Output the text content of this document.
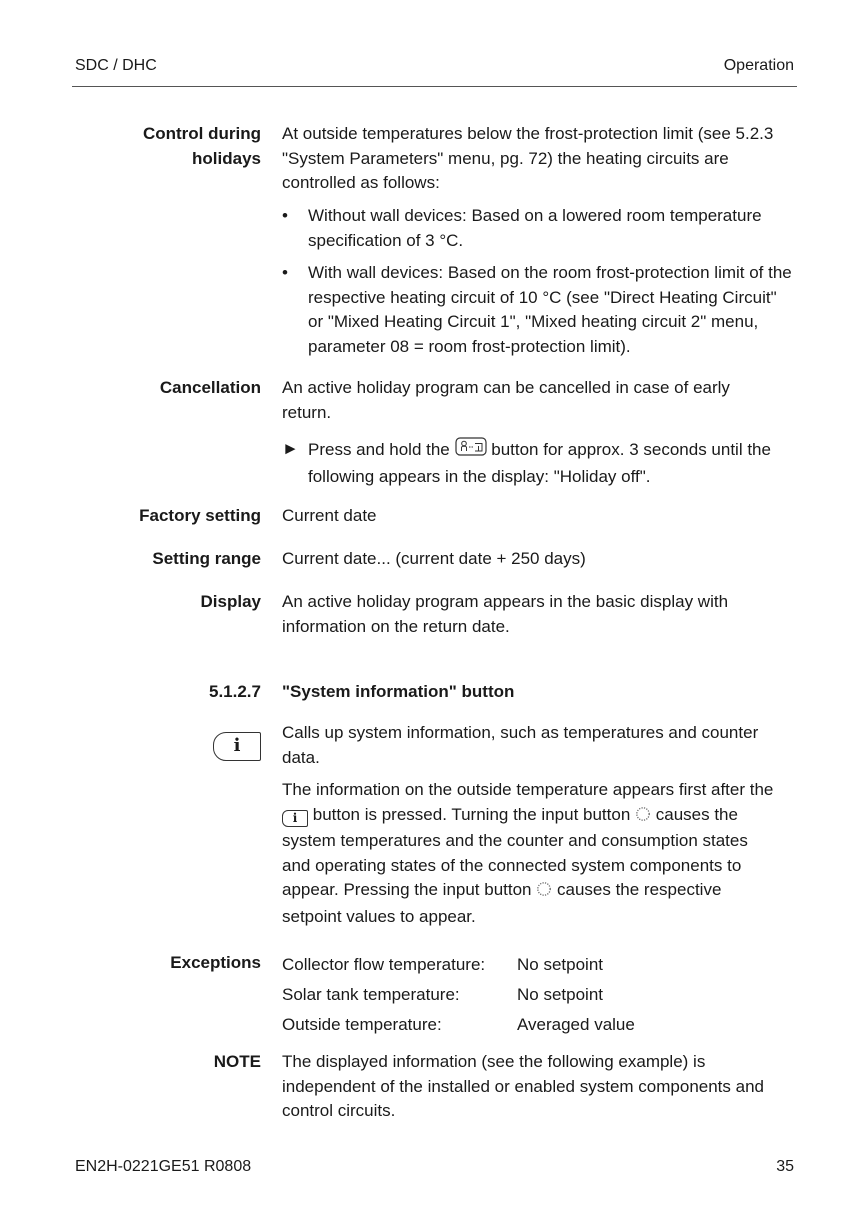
SDC / DHC	Operation
Control during
holidays
At outside temperatures below the frost-protection limit (see 5.2.3 "System Parameters" menu, pg. 72) the heating circuits are controlled as follows:
• Without wall devices: Based on a lowered room temperature specification of 3 °C.
• With wall devices: Based on the room frost-protection limit of the respective heating circuit of 10 °C (see "Direct Heating Circuit" or "Mixed Heating Circuit 1", "Mixed heating circuit 2" menu, parameter 08 = room frost-protection limit).
Cancellation An active holiday program can be cancelled in case of early return.
► Press and hold the button for approx. 3 seconds until the following appears in the display: "Holiday off".
Factory setting Current date
Setting range Current date... (current date + 250 days)
Display An active holiday program appears in the basic display with information on the return date.
5.1.2.7 "System information" button
i
Calls up system information, such as temperatures and counter data.
The information on the outside temperature appears first after the
i button is pressed. Turning the input button causes the
system temperatures and the counter and consumption states
and operating states of the connected system components to
appear. Pressing the input button causes the respective
setpoint values to appear.
Exceptions Collector flow temperature: No setpoint
Solar tank temperature:	No setpoint
Outside temperature:	Averaged value
NOTE The displayed information (see the following example) is independent of the installed or enabled system components and control circuits.
EN2H-0221GE51 R0808	35
